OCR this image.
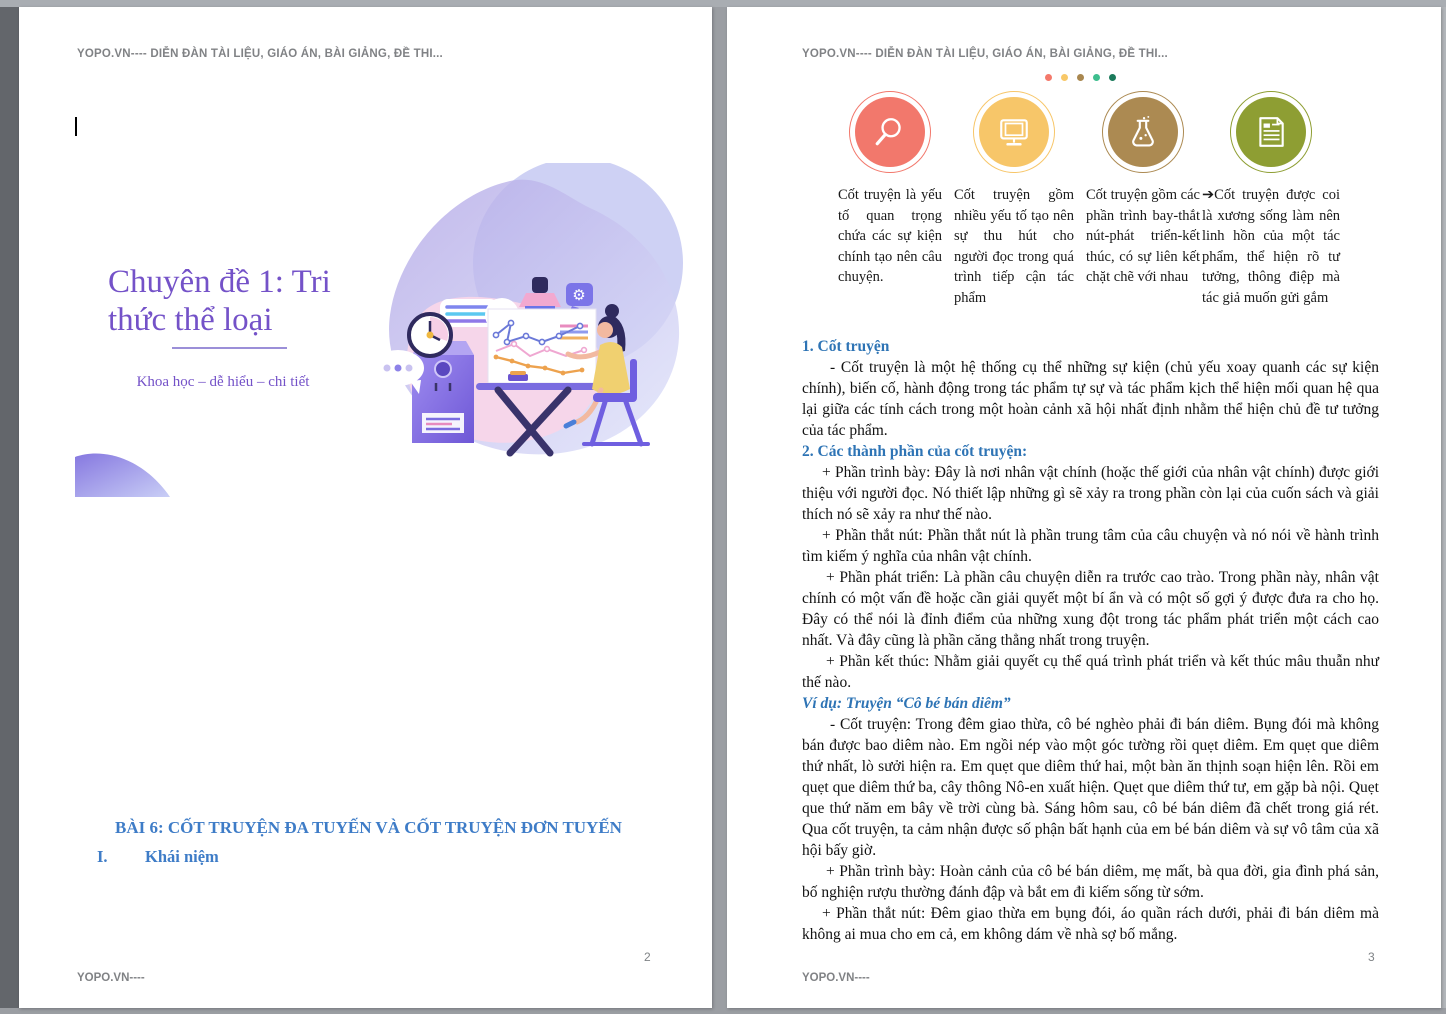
YOPO.VN---- DIỄN ĐÀN TÀI LIỆU, GIÁO ÁN, BÀI GIẢNG, ĐỀ THI...
Chuyên đề 1: Tri
thức thể loại
Khoa học – dễ hiểu – chi tiết
⚙
BÀI 6: CỐT TRUYỆN ĐA TUYẾN VÀ CỐT TRUYỆN ĐƠN TUYẾN
I. Khái niệm
YOPO.VN----
2
YOPO.VN---- DIỄN ĐÀN TÀI LIỆU, GIÁO ÁN, BÀI GIẢNG, ĐỀ THI...

Cốt truyện là yếu tố quan trọng chứa các sự kiện chính tạo nên câu chuyện.
Cốt truyện gồm nhiều yếu tố tạo nên sự thu hút cho người đọc trong quá trình tiếp cận tác phẩm
Cốt truyện gồm các phần trình bay-thắt nút-phát triển-kết thúc, có sự liên kết chặt chẽ với nhau
➔Cốt truyện được coi là xương sống làm nên linh hồn của một tác phẩm, thể hiện rõ tư tưởng, thông điệp mà tác giả muốn gửi gắm
1. Cốt truyện

- Cốt truyện là một hệ thống cụ thể những sự kiện (chủ yếu xoay quanh các sự kiện chính), biến cố, hành động trong tác phẩm tự sự và tác phẩm kịch thể hiện mối quan hệ qua lại giữa các tính cách trong một hoàn cảnh xã hội nhất định nhằm thể hiện chủ đề tư tưởng của tác phẩm.

2. Các thành phần của cốt truyện:

+ Phần trình bày: Đây là nơi nhân vật chính (hoặc thế giới của nhân vật chính) được giới thiệu với người đọc. Nó thiết lập những gì sẽ xảy ra trong phần còn lại của cuốn sách và giải thích nó sẽ xảy ra như thế nào.

+ Phần thắt nút: Phần thắt nút là phần trung tâm của câu chuyện và nó nói về hành trình tìm kiếm ý nghĩa của nhân vật chính.

+ Phần phát triển: Là phần câu chuyện diễn ra trước cao trào. Trong phần này, nhân vật chính có một vấn đề hoặc cần giải quyết một bí ẩn và có một số gợi ý được đưa ra cho họ. Đây có thể nói là đỉnh điểm của những xung đột trong tác phẩm phát triển một cách cao nhất. Và đây cũng là phần căng thẳng nhất trong truyện.

+ Phần kết thúc: Nhằm giải quyết cụ thể quá trình phát triển và kết thúc mâu thuẫn như thế nào.

Ví dụ: Truyện “Cô bé bán diêm”

- Cốt truyện: Trong đêm giao thừa, cô bé nghèo phải đi bán diêm. Bụng đói mà không bán được bao diêm nào. Em ngồi nép vào một góc tường rồi quẹt diêm. Em quẹt que diêm thứ nhất, lò sưởi hiện ra. Em quẹt que diêm thứ hai, một bàn ăn thịnh soạn hiện lên. Rồi em quẹt que diêm thứ ba, cây thông Nô-en xuất hiện. Quẹt que diêm thứ tư, em gặp bà nội. Quẹt que thứ năm em bây về trời cùng bà. Sáng hôm sau, cô bé bán diêm đã chết trong giá rét. Qua cốt truyện, ta cảm nhận được số phận bất hạnh của em bé bán diêm và sự vô tâm của xã hội bấy giờ.

+ Phần trình bày: Hoàn cảnh của cô bé bán diêm, mẹ mất, bà qua đời, gia đình phá sản, bố nghiện rượu thường đánh đập và bắt em đi kiếm sống từ sớm.

+ Phần thắt nút: Đêm giao thừa em bụng đói, áo quần rách dưới, phải đi bán diêm mà không ai mua cho em cả, em không dám về nhà sợ bố mắng.

YOPO.VN----
3
